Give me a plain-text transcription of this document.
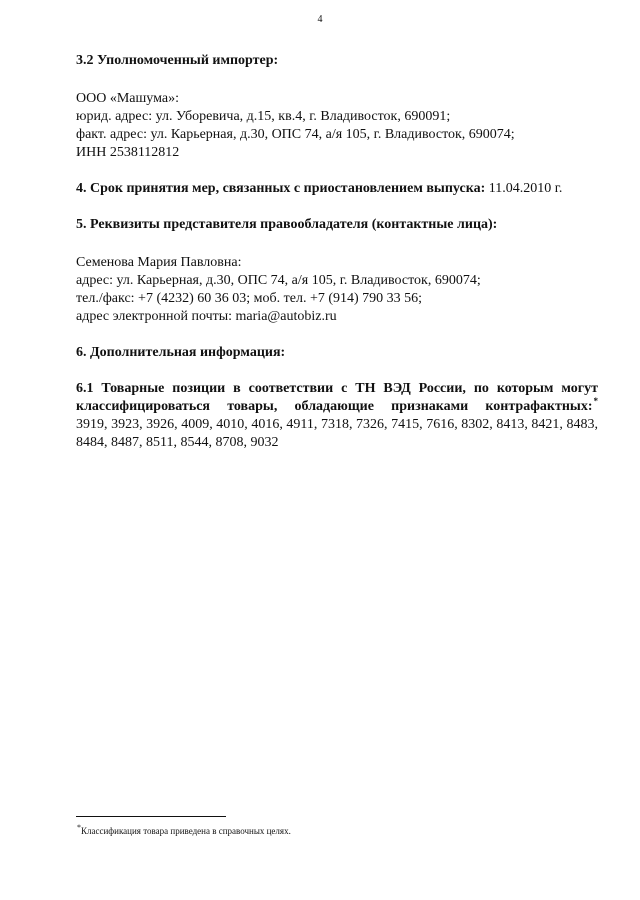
4

3.2 Уполномоченный импортер:

ООО «Машума»:

юрид. адрес: ул. Уборевича, д.15, кв.4, г. Владивосток, 690091;

факт. адрес: ул. Карьерная, д.30, ОПС 74, а/я 105, г. Владивосток, 690074;

ИНН 2538112812

4. Срок принятия мер, связанных с приостановлением выпуска: 11.04.2010 г.

5. Реквизиты представителя правообладателя (контактные лица):

Семенова Мария Павловна:

адрес: ул. Карьерная, д.30, ОПС 74, а/я 105, г. Владивосток, 690074;

тел./факс: +7 (4232) 60 36 03; моб. тел. +7 (914) 790 33 56;

адрес электронной почты: maria@autobiz.ru

6. Дополнительная информация:

6.1 Товарные позиции в соответствии с ТН ВЭД России, по которым могут

классифицироваться товары, обладающие признаками контрафактных:*

3919, 3923, 3926, 4009, 4010, 4016, 4911, 7318, 7326, 7415, 7616, 8302, 8413, 8421, 8483, 8484, 8487, 8511, 8544, 8708, 9032

*Классификация товара приведена в справочных целях.
